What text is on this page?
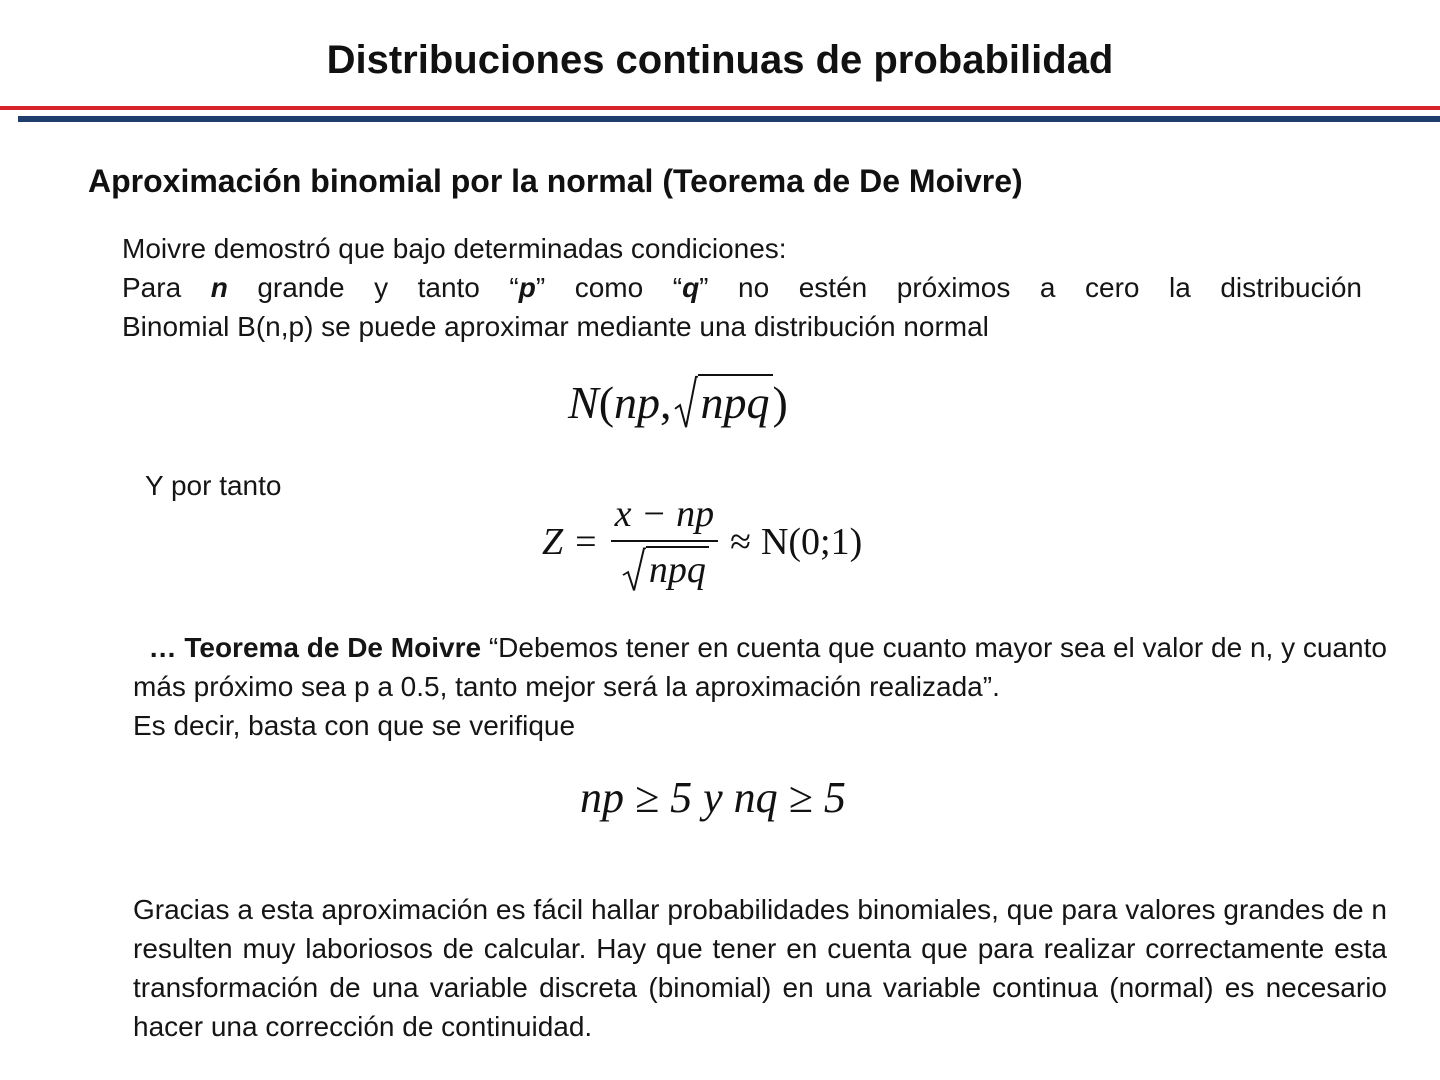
Distribuciones continuas de probabilidad
Aproximación binomial por la normal (Teorema de De Moivre)
Moivre demostró que bajo determinadas condiciones:
Para n grande y tanto “p” como “q” no estén próximos a cero la distribución
Binomial B(n,p) se puede aproximar mediante una distribución normal
N(np, npq)
Y por tanto
$Z = \frac{x - np}{\text{npq}}$ ≈ N(0;1)
… Teorema de De Moivre “Debemos tener en cuenta que cuanto mayor sea el valor de n, y cuanto más próximo sea p a 0.5, tanto mejor será la aproximación realizada”.
Es decir, basta con que se verifique
np ≥ 5 y nq ≥ 5
Gracias a esta aproximación es fácil hallar probabilidades binomiales, que para valores grandes de n resulten muy laboriosos de calcular. Hay que tener en cuenta que para realizar correctamente esta transformación de una variable discreta (binomial) en una variable continua (normal) es necesario hacer una corrección de continuidad.
